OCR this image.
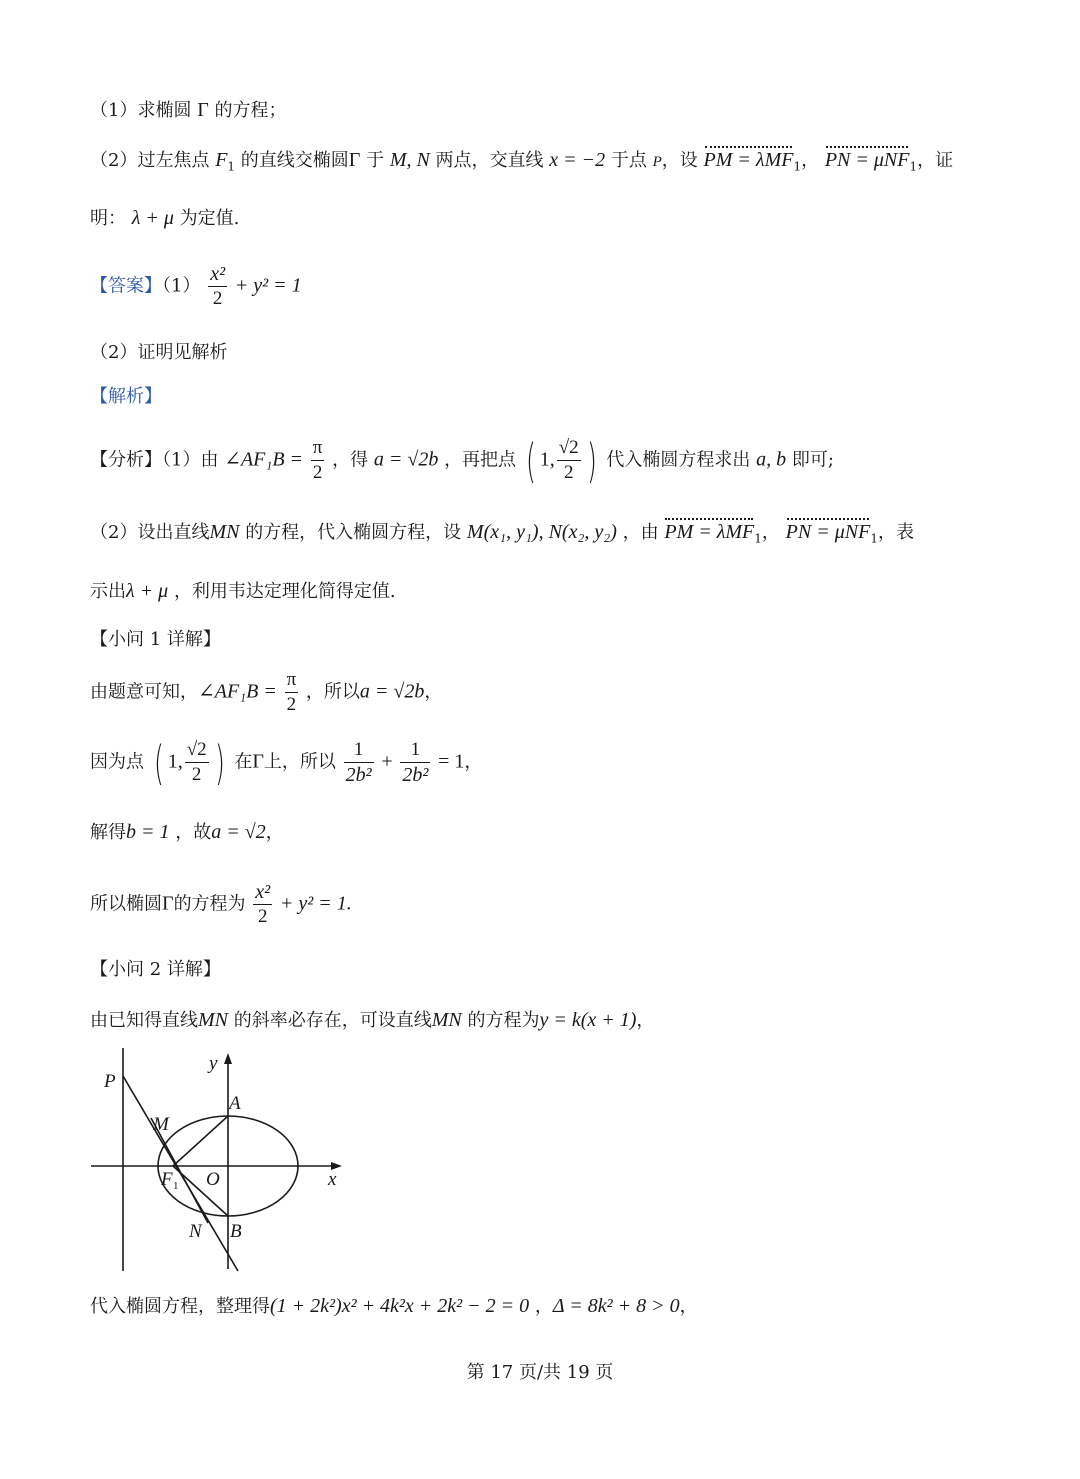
（1）求椭圆 Γ 的方程；
（2）过左焦点 $F_1$ 的直线交椭圆Γ 于 M, N 两点，交直线 x = −2 于点 P，设 PM = λMF$_1$， PN = μNF$_1$，证
明： λ + μ 为定值.
【答案】$(1) \frac{\text{x²}}{2} + y^2 = 1$
（2）证明见解析
【解析】
【分析】（1）由 ∠AF₁B = $\frac{\pi}{2}$ ，得 a = √2b ，再把点 ( 1, $\frac{√2}{2}$ ) 代入椭圆方程求出 a, b 即可;
（2）设出直线MN 的方程，代入椭圆方程，设 M(x₁, y₁), N(x₂, y₂) ，由 PM = λMF$_1$， PN = μNF$_1$，表
示出λ + μ ，利用韦达定理化简得定值.
【小问 1 详解】
由题意可知，∠AF₁B = $\frac{\pi}{2}$ ，所以a = √2b，
因为点 ( 1, $\frac{√2}{2}$ ) 在Γ上，所以 $\frac{1}{\text{2b²}} + \frac{1}{\text{2b²}} = 1$，
解得b = 1 ，故a = √2，
所以椭圆Γ的方程为 $\frac{\text{x²}}{2} + y^2 = 1$.
【小问 2 详解】
由已知得直线MN 的斜率必存在，可设直线MN 的方程为y = k(x + 1)，
P
M
A
y
F 1 O	x
N B
代入椭圆方程，整理得(1 + 2k²)x² + 4k²x + 2k² − 2 = 0 ，Δ = 8k² + 8 > 0，
第 17 页/共 19 页
